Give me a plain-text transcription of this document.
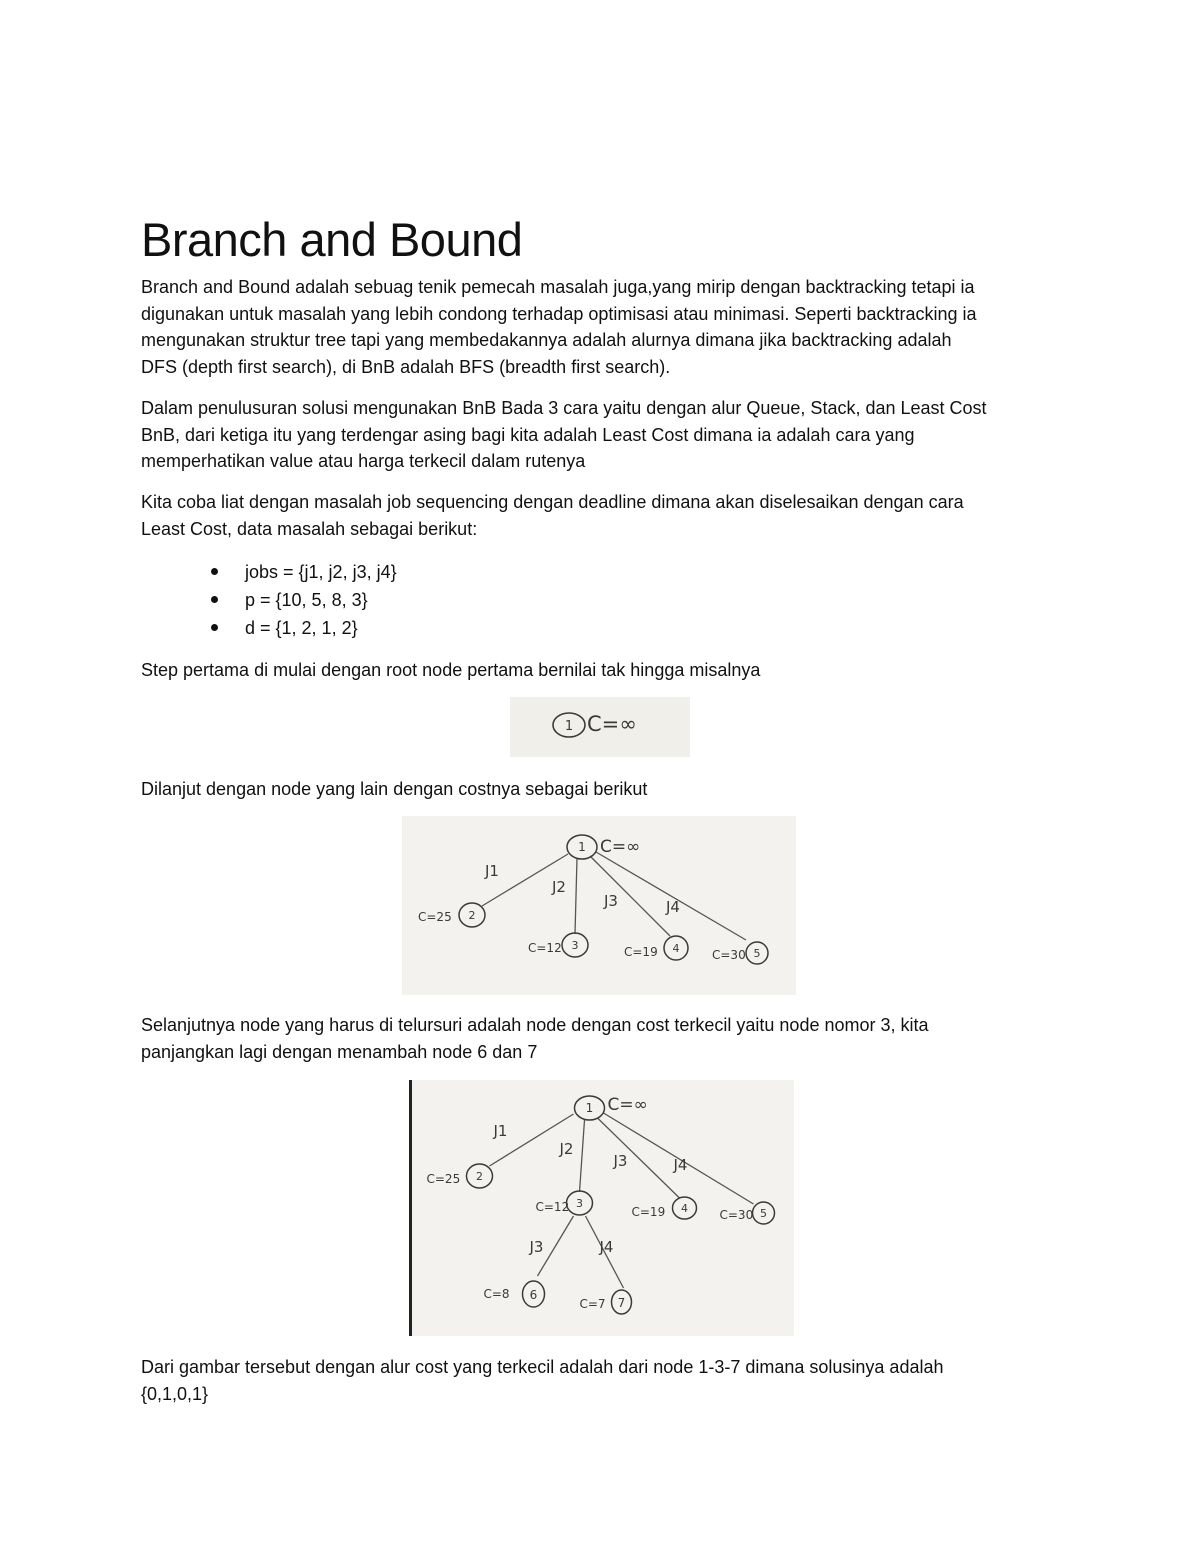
Branch and Bound
Branch and Bound adalah sebuag tenik pemecah masalah juga,yang mirip dengan backtracking tetapi ia
digunakan untuk masalah yang lebih condong terhadap optimisasi atau minimasi. Seperti backtracking ia
mengunakan struktur tree tapi yang membedakannya adalah alurnya dimana jika backtracking adalah
DFS (depth first search), di BnB adalah BFS (breadth first search).
Dalam penulusuran solusi mengunakan BnB Bada 3 cara yaitu dengan alur Queue, Stack, dan Least Cost
BnB, dari ketiga itu yang terdengar asing bagi kita adalah Least Cost dimana ia adalah cara yang
memperhatikan value atau harga terkecil dalam rutenya
Kita coba liat dengan masalah job sequencing dengan deadline dimana akan diselesaikan dengan cara
Least Cost, data masalah sebagai berikut:
jobs = {j1, j2, j3, j4}
p = {10, 5, 8, 3}
d = {1, 2, 1, 2}
Step pertama di mulai dengan root node pertama bernilai tak hingga misalnya
1 C=∞
Dilanjut dengan node yang lain dengan costnya sebagai berikut
1 C=∞
J1
J2
J3	J4
2
C=25
3
C=12	4
C=19	5
C=30
Selanjutnya node yang harus di telursuri adalah node dengan cost terkecil yaitu node nomor 3, kita
panjangkan lagi dengan menambah node 6 dan 7
1 C=∞
J1
J2
J3	J4
2
C=25
3
C=12	4
C=19	5
C=30
J3	J4
6
C=8
7
C=7
Dari gambar tersebut dengan alur cost yang terkecil adalah dari node 1-3-7 dimana solusinya adalah
{0,1,0,1}
